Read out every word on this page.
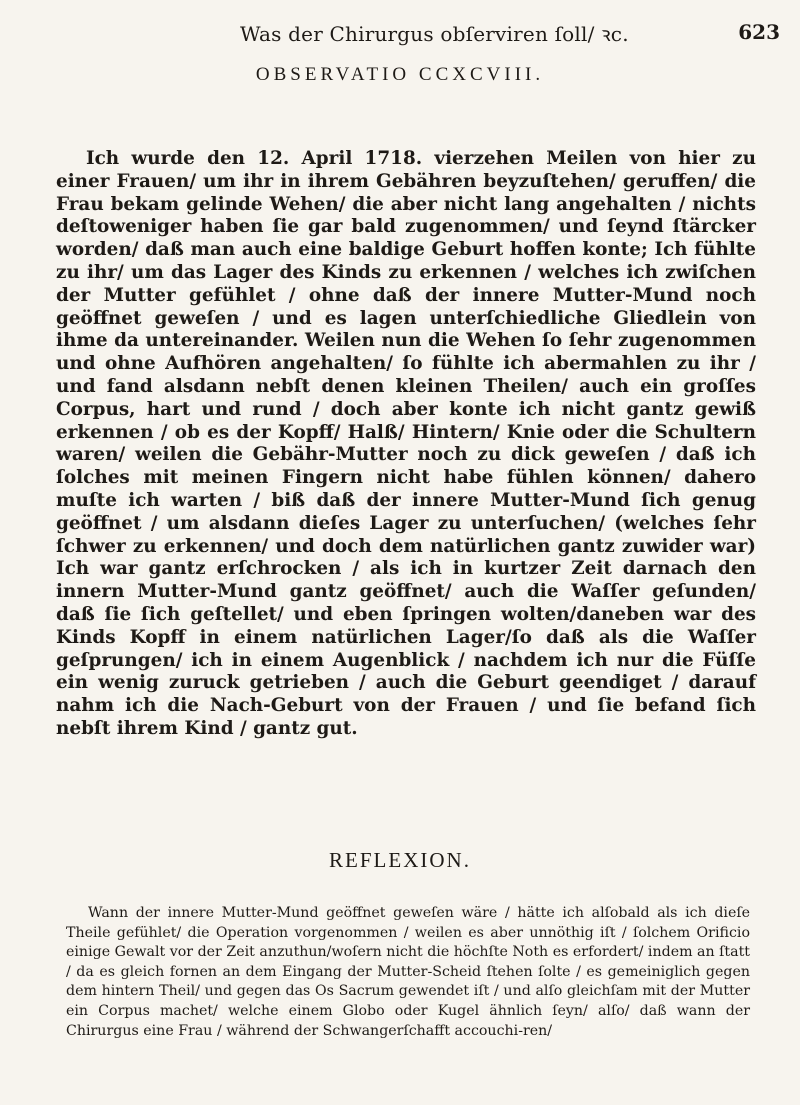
Was der Chirurgus obſerviren ſoll/ ꝛc.	623
OBSERVATIO CCXCVIII.
Ich wurde den 12. April 1718. vierzehen Meilen von hier zu einer Frauen/ um ihr in ihrem Gebähren beyzuſtehen/ geruffen/ die Frau bekam gelinde Wehen/ die aber nicht lang angehalten / nichts deſtoweniger haben ſie gar bald zugenommen/ und ſeynd ſtärcker worden/ daß man auch eine baldige Geburt hoffen konte; Ich fühlte zu ihr/ um das Lager des Kinds zu erkennen / welches ich zwiſchen der Mutter gefühlet / ohne daß der innere Mutter-Mund noch geöffnet geweſen / und es lagen unterſchiedliche Gliedlein von ihme da untereinander. Weilen nun die Wehen ſo ſehr zugenommen und ohne Aufhören angehalten/ ſo fühlte ich abermahlen zu ihr / und fand alsdann nebſt denen kleinen Theilen/ auch ein groſſes Corpus, hart und rund / doch aber konte ich nicht gantz gewiß erkennen / ob es der Kopff/ Halß/ Hintern/ Knie oder die Schultern waren/ weilen die Gebähr-Mutter noch zu dick geweſen / daß ich ſolches mit meinen Fingern nicht habe fühlen können/ dahero muſte ich warten / biß daß der innere Mutter-Mund ſich genug geöffnet / um alsdann dieſes Lager zu unterſuchen/ (welches ſehr ſchwer zu erkennen/ und doch dem natürlichen gantz zuwider war) Ich war gantz erſchrocken / als ich in kurtzer Zeit darnach den innern Mutter-Mund gantz geöffnet/ auch die Waſſer geſunden/ daß ſie ſich geſtellet/ und eben ſpringen wolten/daneben war des Kinds Kopff in einem natürlichen Lager/ſo daß als die Waſſer geſprungen/ ich in einem Augenblick / nachdem ich nur die Füſſe ein wenig zuruck getrieben / auch die Geburt geendiget / darauf nahm ich die Nach-Geburt von der Frauen / und ſie befand ſich nebſt ihrem Kind / gantz gut.
REFLEXION.
Wann der innere Mutter-Mund geöffnet geweſen wäre / hätte ich alſobald als ich dieſe Theile gefühlet/ die Operation vorgenommen / weilen es aber unnöthig iſt / ſolchem Orificio einige Gewalt vor der Zeit anzuthun/woſern nicht die höchſte Noth es erfordert/ indem an ſtatt / da es gleich fornen an dem Eingang der Mutter-Scheid ſtehen ſolte / es gemeiniglich gegen dem hintern Theil/ und gegen das Os Sacrum gewendet iſt / und alſo gleichſam mit der Mutter ein Corpus machet/ welche einem Globo oder Kugel ähnlich ſeyn/ alſo/ daß wann der Chirurgus eine Frau / während der Schwangerſchafft accouchi-ren/
